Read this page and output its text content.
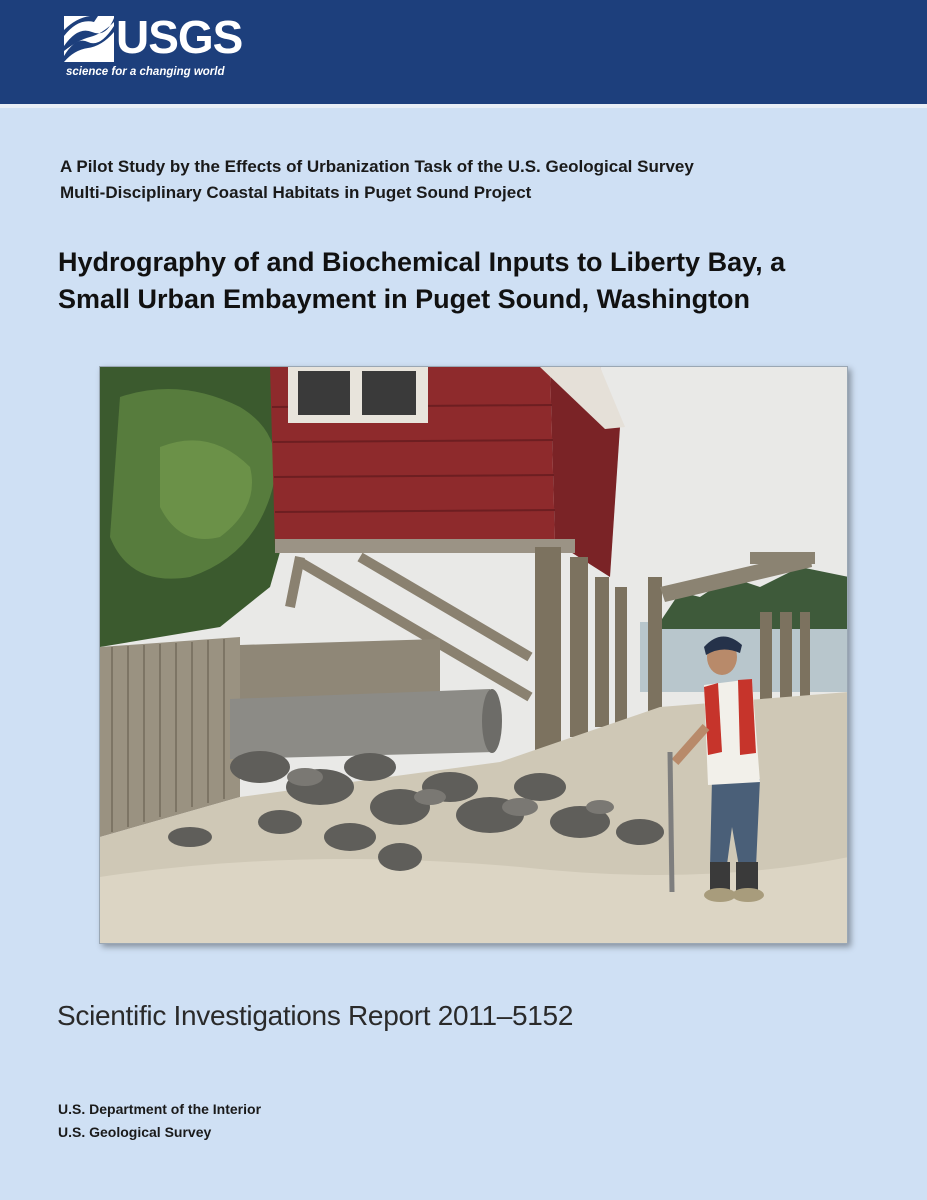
USGS
science for a changing world
A Pilot Study by the Effects of Urbanization Task of the U.S. Geological Survey
Multi-Disciplinary Coastal Habitats in Puget Sound Project
Hydrography of and Biochemical Inputs to Liberty Bay, a
Small Urban Embayment in Puget Sound, Washington
Scientific Investigations Report 2011–5152
U.S. Department of the Interior
U.S. Geological Survey
